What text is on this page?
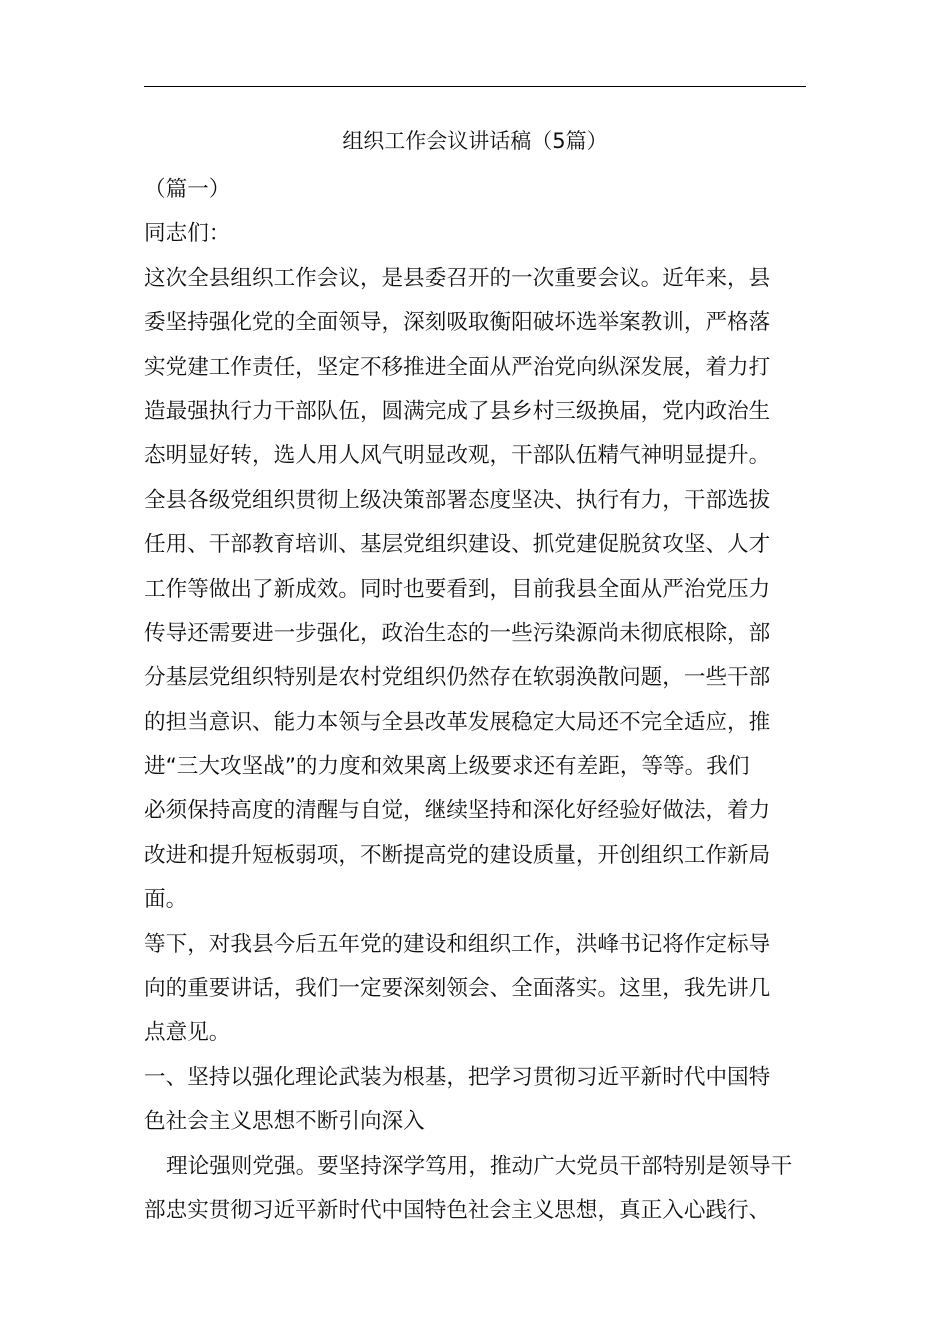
组织工作会议讲话稿（5篇）
（篇一）
同志们：
这次全县组织工作会议，是县委召开的一次重要会议。近年来，县
委坚持强化党的全面领导，深刻吸取衡阳破坏选举案教训，严格落
实党建工作责任，坚定不移推进全面从严治党向纵深发展，着力打
造最强执行力干部队伍，圆满完成了县乡村三级换届，党内政治生
态明显好转，选人用人风气明显改观，干部队伍精气神明显提升。
全县各级党组织贯彻上级决策部署态度坚决、执行有力，干部选拔
任用、干部教育培训、基层党组织建设、抓党建促脱贫攻坚、人才
工作等做出了新成效。同时也要看到，目前我县全面从严治党压力
传导还需要进一步强化，政治生态的一些污染源尚未彻底根除，部
分基层党组织特别是农村党组织仍然存在软弱涣散问题，一些干部
的担当意识、能力本领与全县改革发展稳定大局还不完全适应，推
进“三大攻坚战”的力度和效果离上级要求还有差距，等等。我们
必须保持高度的清醒与自觉，继续坚持和深化好经验好做法，着力
改进和提升短板弱项，不断提高党的建设质量，开创组织工作新局
面。
等下，对我县今后五年党的建设和组织工作，洪峰书记将作定标导
向的重要讲话，我们一定要深刻领会、全面落实。这里，我先讲几
点意见。
一、坚持以强化理论武装为根基，把学习贯彻习近平新时代中国特
色社会主义思想不断引向深入
理论强则党强。要坚持深学笃用，推动广大党员干部特别是领导干
部忠实贯彻习近平新时代中国特色社会主义思想，真正入心践行、
